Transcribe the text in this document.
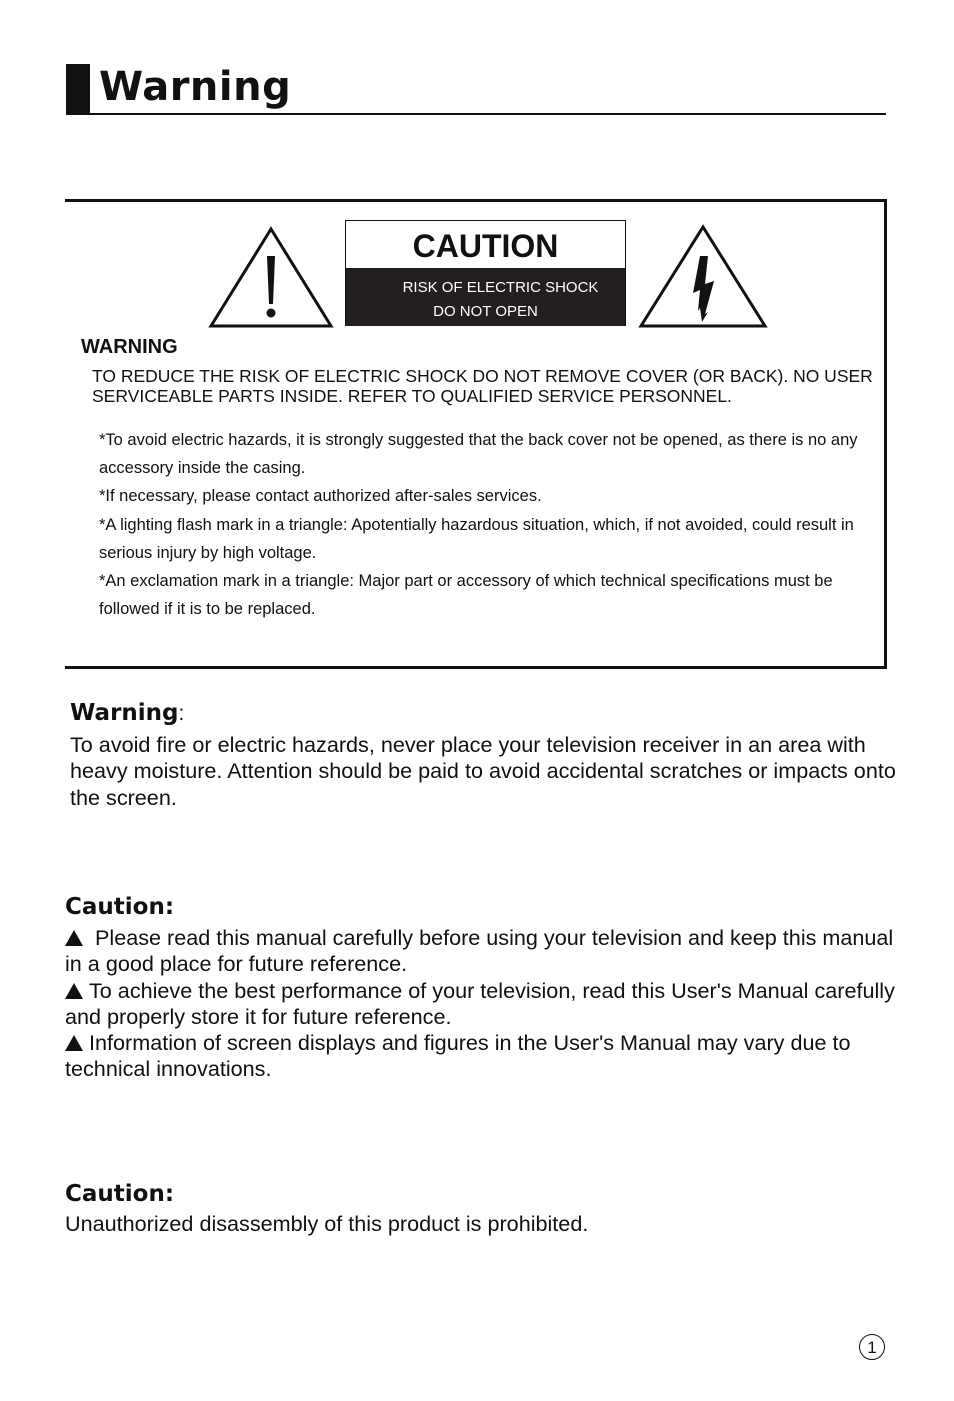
Warning
CAUTION
RISK OF ELECTRIC SHOCK
DO NOT OPEN
WARNING
TO REDUCE THE RISK OF ELECTRIC SHOCK DO NOT REMOVE COVER (OR BACK). NO USER SERVICEABLE PARTS INSIDE. REFER TO QUALIFIED SERVICE PERSONNEL.
*To avoid electric hazards, it is strongly suggested that the back cover not be opened, as there is no any accessory inside the casing.
*If necessary, please contact authorized after-sales services.
*A lighting flash mark in a triangle: Apotentially hazardous situation, which, if not avoided, could result in serious injury by high voltage.
*An exclamation mark in a triangle: Major part or accessory of which technical specifications must be followed if it is to be replaced.
Warning:
To avoid fire or electric hazards, never place your television receiver in an area with heavy moisture. Attention should be paid to avoid accidental scratches or impacts onto the screen.
Caution:
Please read this manual carefully before using your television and keep this manual in a good place for future reference.
To achieve the best performance of your television, read this User's Manual carefully and properly store it for future reference.
Information of screen displays and figures in the User's Manual may vary due to technical innovations.
Caution:
Unauthorized disassembly of this product is prohibited.
1
